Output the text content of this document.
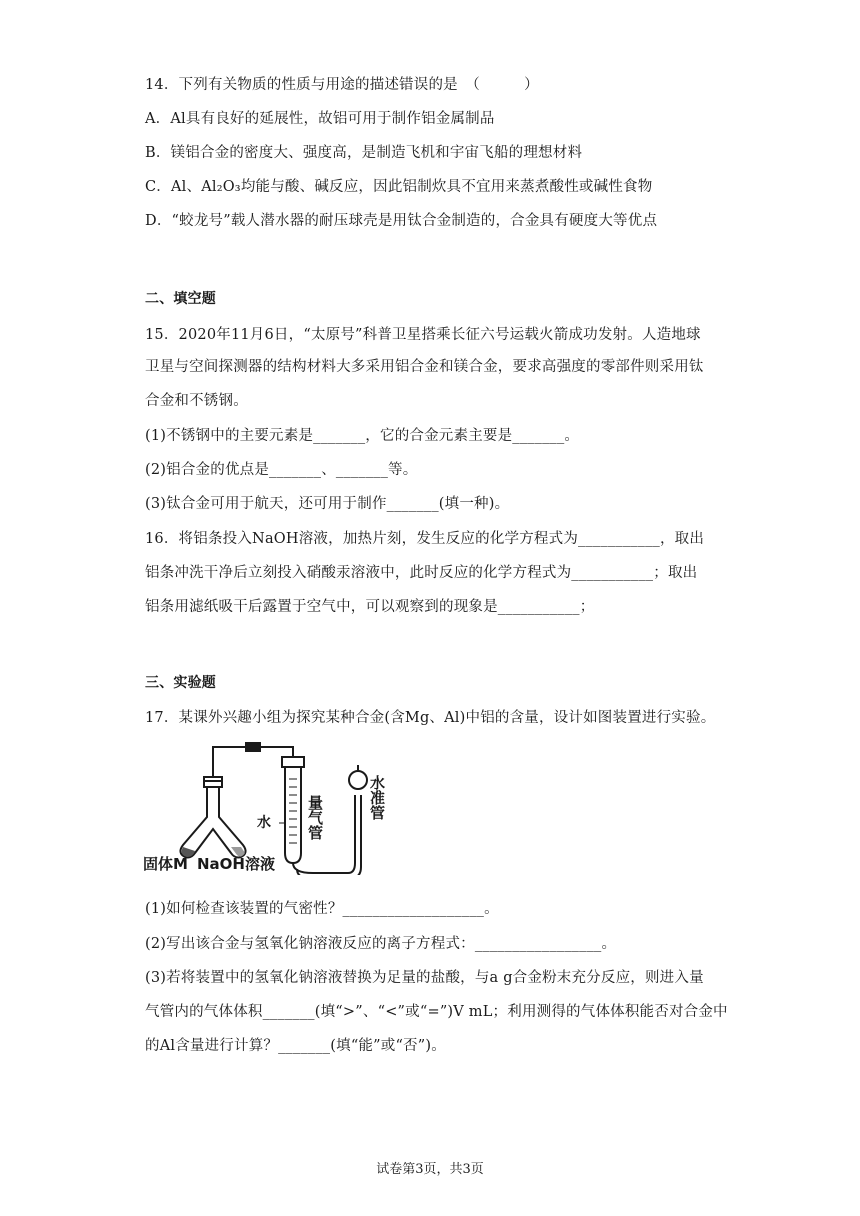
14．下列有关物质的性质与用途的描述错误的是　（　　　）
A．Al具有良好的延展性，故铝可用于制作铝金属制品
B．镁铝合金的密度大、强度高，是制造飞机和宇宙飞船的理想材料
C．Al、Al₂O₃均能与酸、碱反应，因此铝制炊具不宜用来蒸煮酸性或碱性食物
D．“蛟龙号”载人潜水器的耐压球壳是用钛合金制造的，合金具有硬度大等优点
二、填空题
15．2020年11月6日，“太原号”科普卫星搭乘长征六号运载火箭成功发射。人造地球
卫星与空间探测器的结构材料大多采用铝合金和镁合金，要求高强度的零部件则采用钛
合金和不锈钢。
(1)不锈钢中的主要元素是_______，它的合金元素主要是_______。
(2)铝合金的优点是_______、_______等。
(3)钛合金可用于航天，还可用于制作_______(填一种)。
16．将铝条投入NaOH溶液，加热片刻，发生反应的化学方程式为___________，取出
铝条冲洗干净后立刻投入硝酸汞溶液中，此时反应的化学方程式为___________；取出
铝条用滤纸吸干后露置于空气中，可以观察到的现象是___________；
三、实验题
17．某课外兴趣小组为探究某种合金(含Mg、Al)中铝的含量，设计如图装置进行实验。
固体M NaOH溶液
水 量气管	水准管
(1)如何检查该装置的气密性？___________________。
(2)写出该合金与氢氧化钠溶液反应的离子方程式：_________________。
(3)若将装置中的氢氧化钠溶液替换为足量的盐酸，与a g合金粉末充分反应，则进入量
气管内的气体体积_______(填“>”、“<”或“=”)V mL；利用测得的气体体积能否对合金中
的Al含量进行计算？_______(填“能”或“否”)。
试卷第3页，共3页
